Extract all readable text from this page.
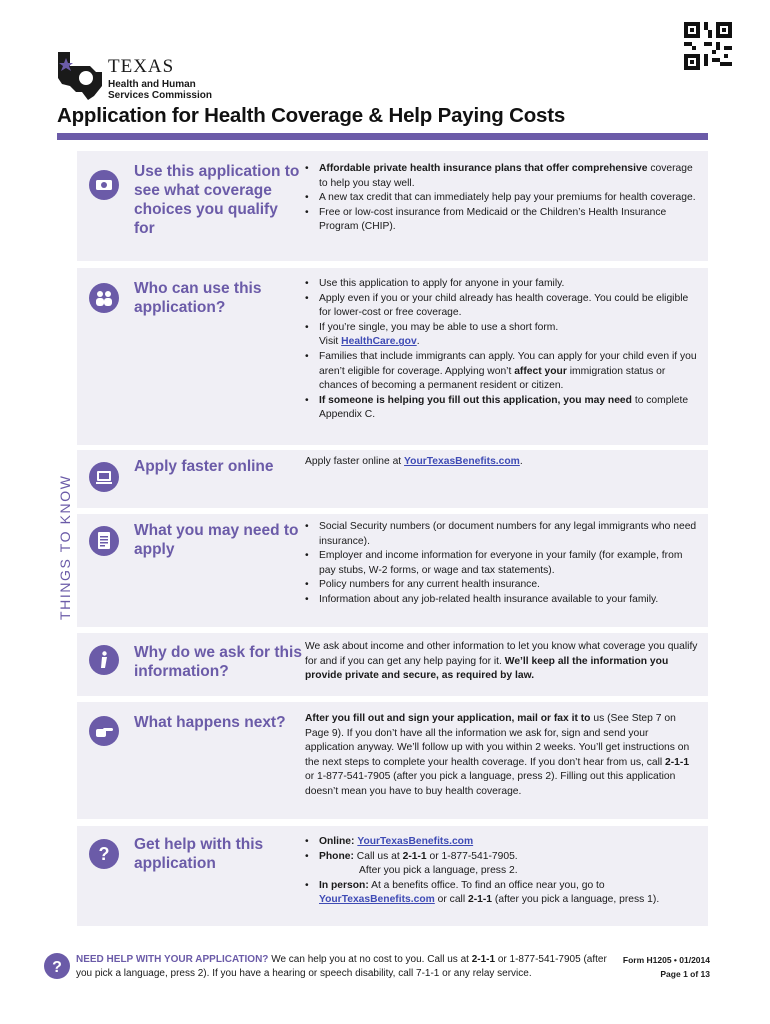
TEXAS
Health and Human
Services Commission
Application for Health Coverage & Help Paying Costs
THINGS TO KNOW
Use this application to see what coverage choices you qualify for
• Affordable private health insurance plans that offer comprehensive coverage to help you stay well.
• A new tax credit that can immediately help pay your premiums for health coverage.
• Free or low-cost insurance from Medicaid or the Children’s Health Insurance Program (CHIP).
Who can use this application?
• Use this application to apply for anyone in your family.
• Apply even if you or your child already has health coverage. You could be eligible for lower-cost or free coverage.
• If you’re single, you may be able to use a short form.
Visit HealthCare.gov.
• Families that include immigrants can apply. You can apply for your child even if you aren’t eligible for coverage. Applying won’t affect your immigration status or chances of becoming a permanent resident or citizen.
• If someone is helping you fill out this application, you may need to complete Appendix C.
Apply faster online	Apply faster online at YourTexasBenefits.com.
What you may need to apply
• Social Security numbers (or document numbers for any legal immigrants who need insurance).
• Employer and income information for everyone in your family (for example, from pay stubs, W-2 forms, or wage and tax statements).
• Policy numbers for any current health insurance.
• Information about any job-related health insurance available to your family.
Why do we ask for this information?
We ask about income and other information to let you know what coverage you qualify for and if you can get any help paying for it. We’ll keep all the information you provide private and secure, as required by law.
What happens next?	After you fill out and sign your application, mail or fax it to us (See Step 7 on Page 9). If you don’t have all the information we ask for, sign and send your application anyway. We’ll follow up with you within 2 weeks. You’ll get instructions on the next steps to complete your health coverage. If you don’t hear from us, call 2-1-1 or 1-877-541-7905 (after you pick a language, press 2). Filling out this application doesn’t mean you have to buy health coverage.
? Get help with this application
• Online: YourTexasBenefits.com
• Phone: Call us at 2-1-1 or 1-877-541-7905.
After you pick a language, press 2.
• In person: At a benefits office. To find an office near you, go to YourTexasBenefits.com or call 2-1-1 (after you pick a language, press 1).
? NEED HELP WITH YOUR APPLICATION? We can help you at no cost to you. Call us at 2-1-1 or 1-877-541-7905 (after you pick a language, press 2). If you have a hearing or speech disability, call 7-1-1 or any relay service.
Form H1205 • 01/2014
Page 1 of 13
